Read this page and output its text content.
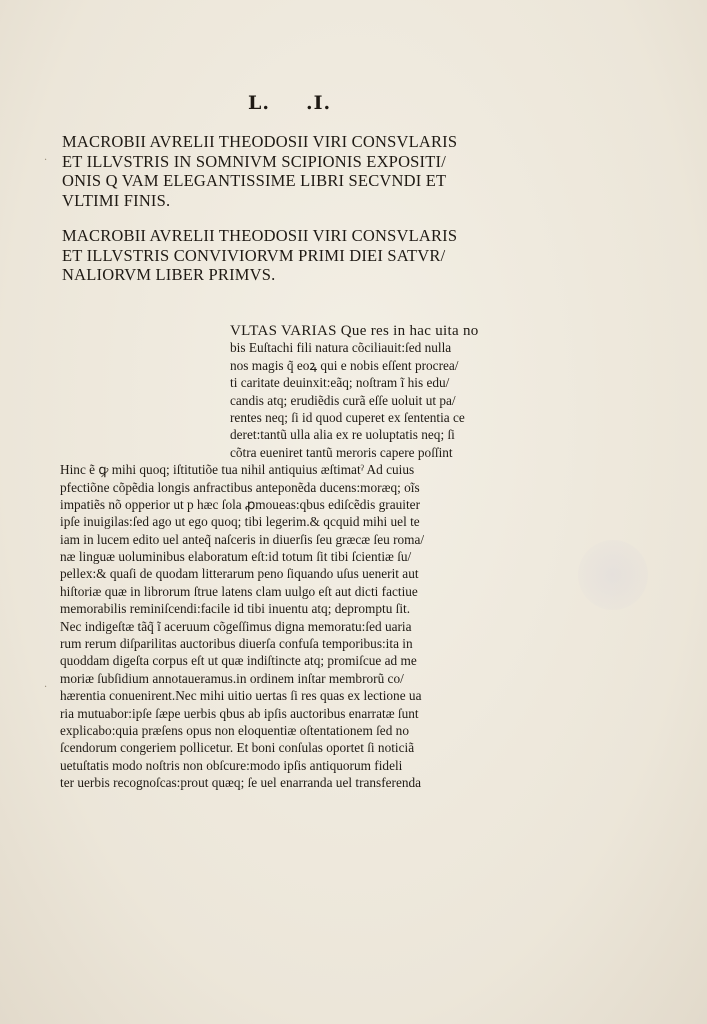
L. .I.
MACROBII AVRELII THEODOSII VIRI CONSVLARIS
ET ILLVSTRIS IN SOMNIVM SCIPIONIS EXPOSITI/
ONIS Q VAM ELEGANTISSIME LIBRI SECVNDI ET
VLTIMI FINIS.
MACROBII AVRELII THEODOSII VIRI CONSVLARIS
ET ILLVSTRIS CONVIVIORVM PRIMI DIEI SATVR/
NALIORVM LIBER PRIMVS.
VLTAS VARIAS Que res in hac uita no
bis Euſtachi fili natura cõciliauit:ſed nulla
nos magis q̃ eoꝝ qui e nobis eſſent procrea/
ti caritate deuinxit:eãq; noſtram ĩ his edu/
candis atq; erudiẽdis curã eſſe uoluit ut pa/
rentes neq; ſi id quod cuperet ex ſententia ce
deret:tantũ ulla alia ex re uoluptatis neq; ſi
cõtra eueniret tantũ meroris capere poſſint
Hinc ẽ ꝙ mihi quoq; iſtitutiõe tua nihil antiquius æſtimatˀ Ad cuius
pfectiõne cõpẽdia longis anfractibus anteponẽda ducens:moræq; oĩs
impatiẽs nõ opperior ut p hæc ſola ꝓmoueas:qbus ediſcẽdis grauiter
ipſe inuigilas:ſed ago ut ego quoq; tibi legerim.& qcquid mihi uel te
iam in lucem edito uel anteq̃ naſceris in diuerſis ſeu græcæ ſeu roma/
næ linguæ uoluminibus elaboratum eſt:id totum ſit tibi ſcientiæ ſu/
pellex:& quaſi de quodam litterarum peno ſiquando uſus uenerit aut
hiſtoriæ quæ in librorum ſtrue latens clam uulgo eſt aut dicti factiue
memorabilis reminiſcendi:facile id tibi inuentu atq; depromptu ſit.
Nec indigeſtæ tãq̃ ĩ aceruum cõgeſſimus digna memoratu:ſed uaria
rum rerum diſparilitas auctoribus diuerſa confuſa temporibus:ita in
quoddam digeſta corpus eſt ut quæ indiſtincte atq; promiſcue ad me
moriæ ſubſidium annotaueramus.in ordinem inſtar membrorũ co/
hærentia conuenirent.Nec mihi uitio uertas ſi res quas ex lectione ua
ria mutuabor:ipſe ſæpe uerbis qbus ab ipſis auctoribus enarratæ ſunt
explicabo:quia præſens opus non eloquentiæ oſtentationem ſed no
ſcendorum congeriem pollicetur. Et boni conſulas oportet ſi noticiã
uetuſtatis modo noſtris non obſcure:modo ipſis antiquorum fideli
ter uerbis recognoſcas:prout quæq; ſe uel enarranda uel transferenda
·
·
